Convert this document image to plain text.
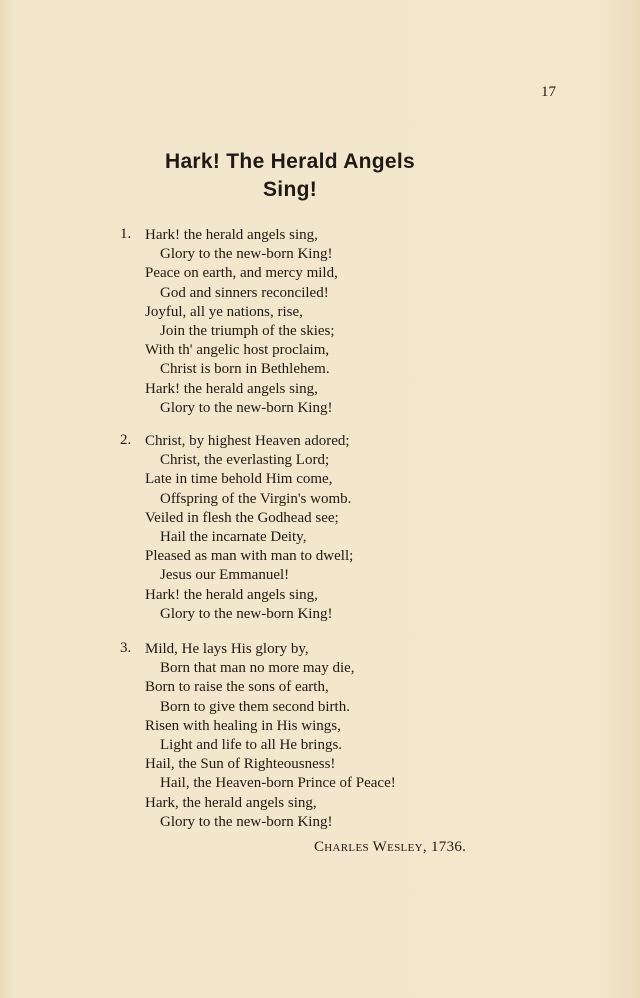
17
Hark! The Herald Angels
Sing!
1. Hark! the herald angels sing,
Glory to the new-born King!
Peace on earth, and mercy mild,
God and sinners reconciled!
Joyful, all ye nations, rise,
Join the triumph of the skies;
With th' angelic host proclaim,
Christ is born in Bethlehem.
Hark! the herald angels sing,
Glory to the new-born King!
2. Christ, by highest Heaven adored;
Christ, the everlasting Lord;
Late in time behold Him come,
Offspring of the Virgin's womb.
Veiled in flesh the Godhead see;
Hail the incarnate Deity,
Pleased as man with man to dwell;
Jesus our Emmanuel!
Hark! the herald angels sing,
Glory to the new-born King!
3. Mild, He lays His glory by,
Born that man no more may die,
Born to raise the sons of earth,
Born to give them second birth.
Risen with healing in His wings,
Light and life to all He brings.
Hail, the Sun of Righteousness!
Hail, the Heaven-born Prince of Peace!
Hark, the herald angels sing,
Glory to the new-born King!
Charles Wesley, 1736.
